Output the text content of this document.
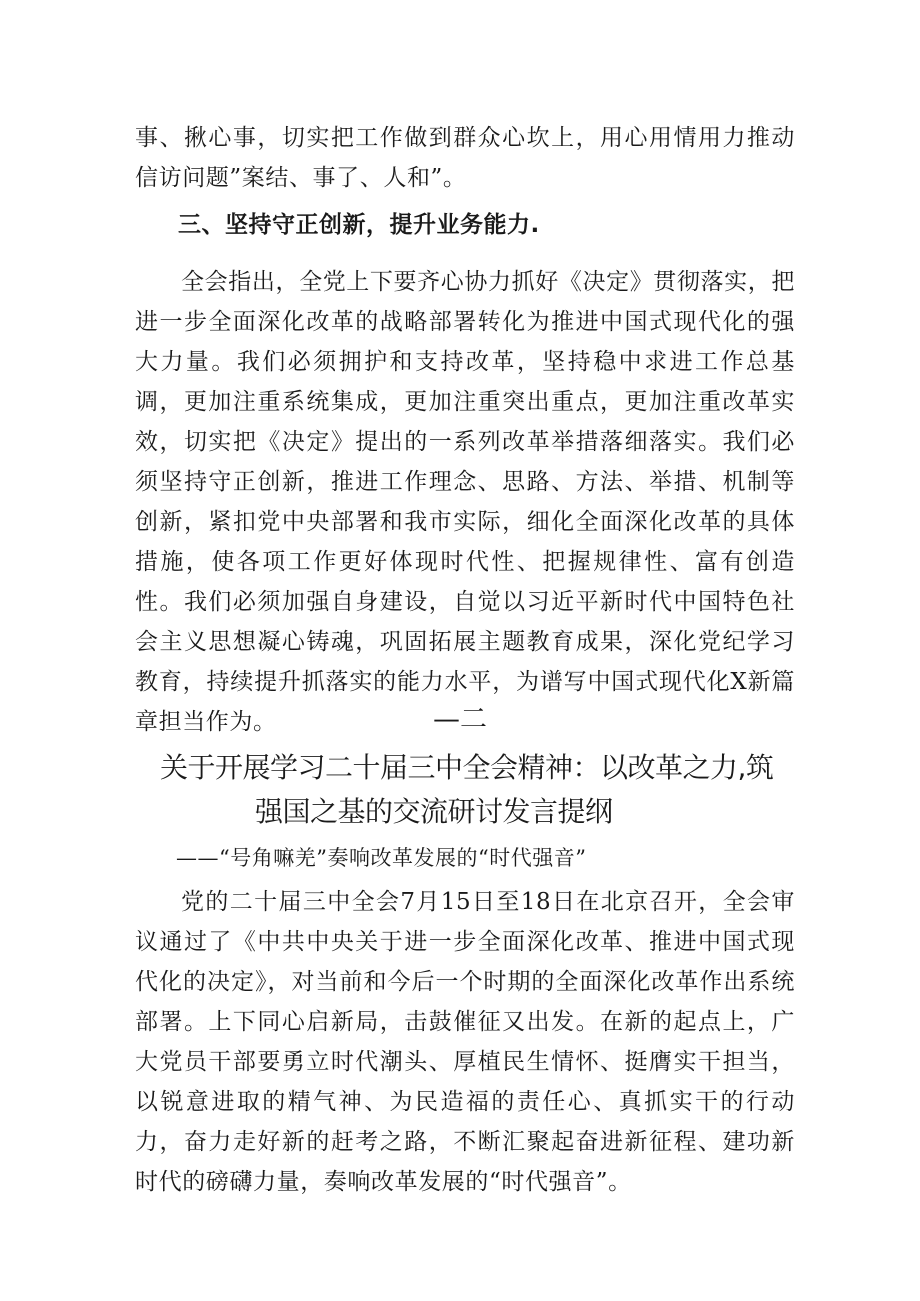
事、揪心事，切实把工作做到群众心坎上，用心用情用力推动信访问题”案结、事了、人和”。

三、坚持守正创新，提升业务能力.

全会指出，全党上下要齐心协力抓好《决定》贯彻落实，把进一步全面深化改革的战略部署转化为推进中国式现代化的强大力量。我们必须拥护和支持改革，坚持稳中求进工作总基调，更加注重系统集成，更加注重突出重点，更加注重改革实效，切实把《决定》提出的一系列改革举措落细落实。我们必须坚持守正创新，推进工作理念、思路、方法、举措、机制等创新，紧扣党中央部署和我市实际，细化全面深化改革的具体措施，使各项工作更好体现时代性、把握规律性、富有创造性。我们必须加强自身建设，自觉以习近平新时代中国特色社会主义思想凝心铸魂，巩固拓展主题教育成果，深化党纪学习教育，持续提升抓落实的能力水平，为谱写中国式现代化X新篇章担当作为。	—二

关于开展学习二十届三中全会精神：以改革之力,筑

强国之基的交流研讨发言提纲

——“号角嘛羌”奏响改革发展的“时代强音”

党的二十届三中全会7月15日至18日在北京召开，全会审议通过了《中共中央关于进一步全面深化改革、推进中国式现代化的决定》，对当前和今后一个时期的全面深化改革作出系统部署。上下同心启新局，击鼓催征又出发。在新的起点上，广大党员干部要勇立时代潮头、厚植民生情怀、挺膺实干担当，以锐意进取的精气神、为民造福的责任心、真抓实干的行动力，奋力走好新的赶考之路，不断汇聚起奋进新征程、建功新时代的磅礴力量，奏响改革发展的“时代强音”。
